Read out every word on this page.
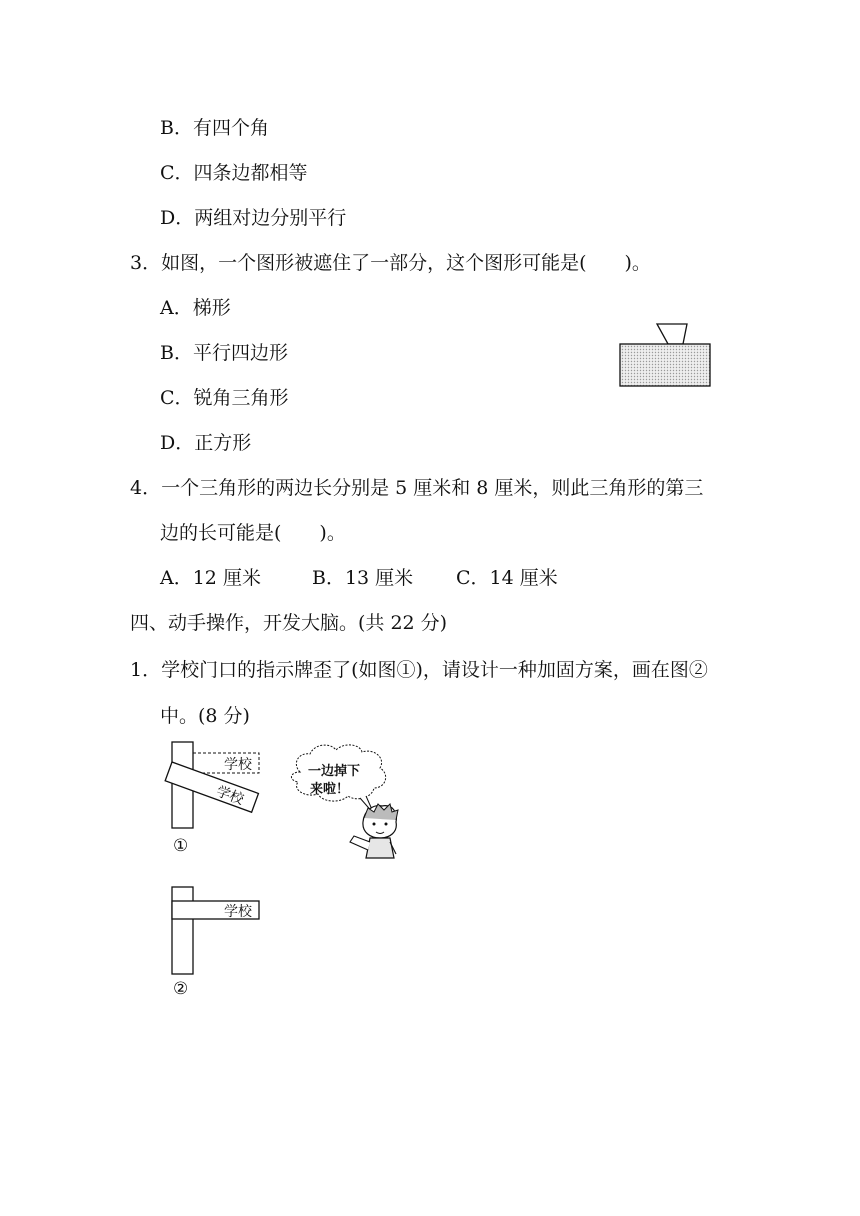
B．有四个角
C．四条边都相等
D．两组对边分别平行
3．如图，一个图形被遮住了一部分，这个图形可能是(　　)。
A．梯形
B．平行四边形
C．锐角三角形
D．正方形
4．一个三角形的两边长分别是 5 厘米和 8 厘米，则此三角形的第三
边的长可能是(　　)。
A．12 厘米	B．13 厘米 C．14 厘米
四、动手操作，开发大脑。(共 22 分)
1．学校门口的指示牌歪了(如图①)，请设计一种加固方案，画在图②
中。(8 分)
学校
学校
一边掉下
来啦！
①
学校
②
